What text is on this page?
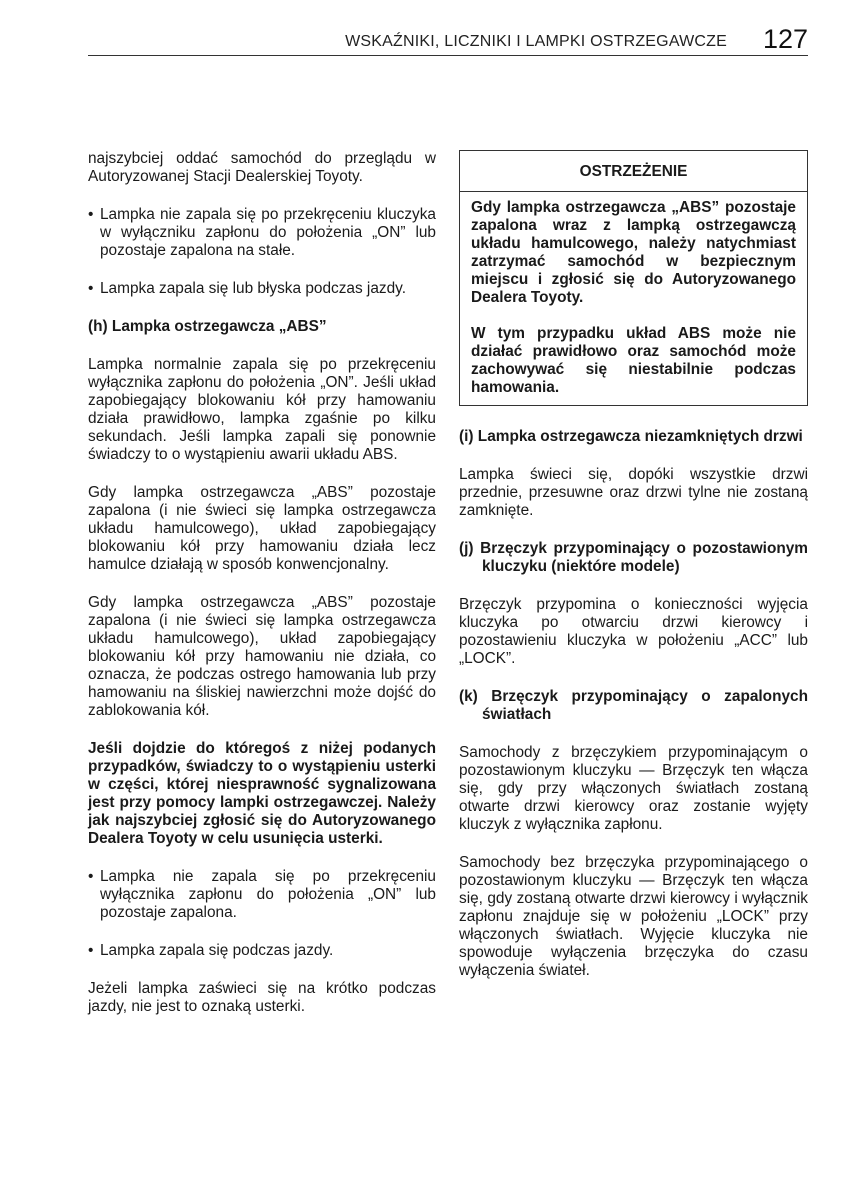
WSKAŹNIKI, LICZNIKI I LAMPKI OSTRZEGAWCZE 127

najszybciej oddać samochód do przeglądu w Autoryzowanej Stacji Dealerskiej Toyoty.

• Lampka nie zapala się po przekręceniu kluczyka w wyłączniku zapłonu do położenia „ON” lub pozostaje zapalona na stałe.
• Lampka zapala się lub błyska podczas jazdy.
(h) Lampka ostrzegawcza „ABS”

Lampka normalnie zapala się po przekręceniu wyłącznika zapłonu do położenia „ON”. Jeśli układ zapobiegający blokowaniu kół przy hamowaniu działa prawidłowo, lampka zgaśnie po kilku sekundach. Jeśli lampka zapali się ponownie świadczy to o wystąpieniu awarii układu ABS.

Gdy lampka ostrzegawcza „ABS” pozostaje zapalona (i nie świeci się lampka ostrzegawcza układu hamulcowego), układ zapobiegający blokowaniu kół przy hamowaniu działa lecz hamulce działają w sposób konwencjonalny.

Gdy lampka ostrzegawcza „ABS” pozostaje zapalona (i nie świeci się lampka ostrzegawcza układu hamulcowego), układ zapobiegający blokowaniu kół przy hamowaniu nie działa, co oznacza, że podczas ostrego hamowania lub przy hamowaniu na śliskiej nawierzchni może dojść do zablokowania kół.

Jeśli dojdzie do któregoś z niżej podanych przypadków, świadczy to o wystąpieniu usterki w części, której niesprawność sygnalizowana jest przy pomocy lampki ostrzegawczej. Należy jak najszybciej zgłosić się do Autoryzowanego Dealera Toyoty w celu usunięcia usterki.

• Lampka nie zapala się po przekręceniu wyłącznika zapłonu do położenia „ON” lub pozostaje zapalona.
• Lampka zapala się podczas jazdy.

Jeżeli lampka zaświeci się na krótko podczas jazdy, nie jest to oznaką usterki.

OSTRZEŻENIE

Gdy lampka ostrzegawcza „ABS” pozostaje zapalona wraz z lampką ostrzegawczą układu hamulcowego, należy natychmiast zatrzymać samochód w bezpiecznym miejscu i zgłosić się do Autoryzowanego Dealera Toyoty.

W tym przypadku układ ABS może nie działać prawidłowo oraz samochód może zachowywać się niestabilnie podczas hamowania.

(i) Lampka ostrzegawcza niezamkniętych drzwi

Lampka świeci się, dopóki wszystkie drzwi przednie, przesuwne oraz drzwi tylne nie zostaną zamknięte.

(j) Brzęczyk przypominający o pozostawionym kluczyku (niektóre modele)

Brzęczyk przypomina o konieczności wyjęcia kluczyka po otwarciu drzwi kierowcy i pozostawieniu kluczyka w położeniu „ACC” lub „LOCK”.

(k) Brzęczyk przypominający o zapalonych światłach

Samochody z brzęczykiem przypominającym o pozostawionym kluczyku — Brzęczyk ten włącza się, gdy przy włączonych światłach zostaną otwarte drzwi kierowcy oraz zostanie wyjęty kluczyk z wyłącznika zapłonu.

Samochody bez brzęczyka przypominającego o pozostawionym kluczyku — Brzęczyk ten włącza się, gdy zostaną otwarte drzwi kierowcy i wyłącznik zapłonu znajduje się w położeniu „LOCK” przy włączonych światłach. Wyjęcie kluczyka nie spowoduje wyłączenia brzęczyka do czasu wyłączenia świateł.
